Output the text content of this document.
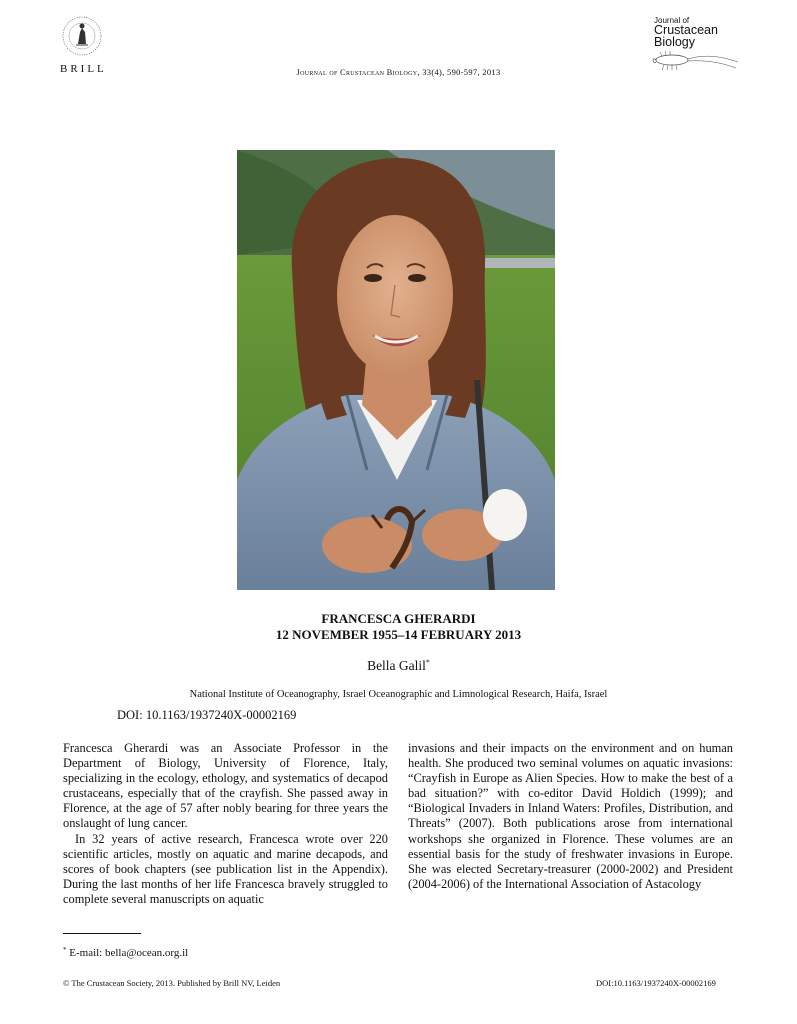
BRILL	Journal of Crustacean Biology, 33(4), 590-597, 2013
Journal of
Crustacean
Biology
FRANCESCA GHERARDI
12 NOVEMBER 1955–14 FEBRUARY 2013
Bella Galil*
National Institute of Oceanography, Israel Oceanographic and Limnological Research, Haifa, Israel
DOI: 10.1163/1937240X-00002169

Francesca Gherardi was an Associate Professor in the Department of Biology, University of Florence, Italy, specializing in the ecology, ethology, and systematics of decapod crustaceans, especially that of the crayfish. She passed away in Florence, at the age of 57 after nobly bearing for three years the onslaught of lung cancer.

In 32 years of active research, Francesca wrote over 220 scientific articles, mostly on aquatic and marine decapods, and scores of book chapters (see publication list in the Appendix). During the last months of her life Francesca bravely struggled to complete several manuscripts on aquatic

invasions and their impacts on the environment and on human health. She produced two seminal volumes on aquatic invasions: “Crayfish in Europe as Alien Species. How to make the best of a bad situation?” with co-editor David Holdich (1999); and “Biological Invaders in Inland Waters: Profiles, Distribution, and Threats” (2007). Both publications arose from international workshops she organized in Florence. These volumes are an essential basis for the study of freshwater invasions in Europe. She was elected Secretary-treasurer (2000-2002) and President (2004-2006) of the International Association of Astacology

* E-mail: bella@ocean.org.il
© The Crustacean Society, 2013. Published by Brill NV, Leiden	DOI:10.1163/1937240X-00002169
